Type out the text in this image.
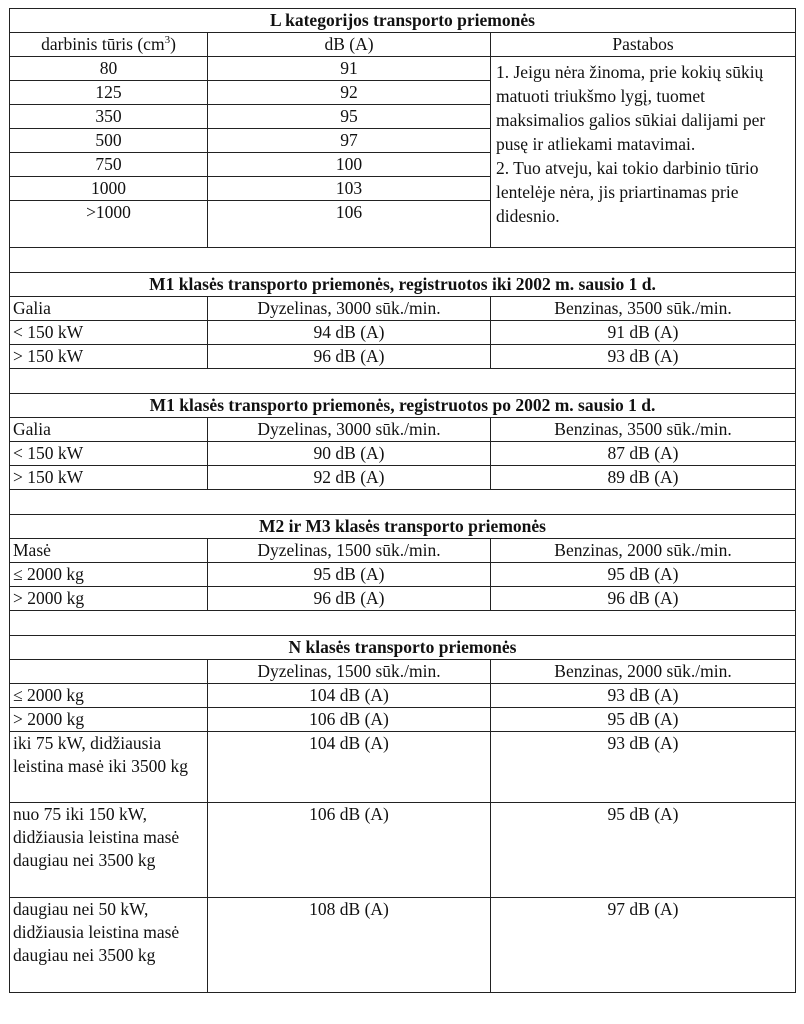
L kategorijos transporto priemonės		
darbinis tūris $(cm^3)$	dB (A)	Pastabos
80	91	1. Jeigu nėra žinoma, prie kokių sūkių matuoti triukšmo lygį, tuomet maksimalios galios sūkiai dalijami per pusę ir atliekami matavimai.
2. Tuo atveju, kai tokio darbinio tūrio lentelėje nėra, jis priartinamas prie didesnio.

125	92	
350	95	
500	97	
750	100	
1000	103	
>1000	106	

M1 klasės transporto priemonės, registruotos iki 2002 m. sausio 1 d.		
Galia	Dyzelinas, 3000 sūk./min.	Benzinas, 3500 sūk./min.
< 150 kW	94 dB (A)	91 dB (A)
> 150 kW	96 dB (A)	93 dB (A)

M1 klasės transporto priemonės, registruotos po 2002 m. sausio 1 d.		
Galia	Dyzelinas, 3000 sūk./min.	Benzinas, 3500 sūk./min.
< 150 kW	90 dB (A)	87 dB (A)
> 150 kW	92 dB (A)	89 dB (A)

M2 ir M3 klasės transporto priemonės		
Masė	Dyzelinas, 1500 sūk./min.	Benzinas, 2000 sūk./min.
≤ 2000 kg	95 dB (A)	95 dB (A)
> 2000 kg	96 dB (A)	96 dB (A)

N klasės transporto priemonės		
	Dyzelinas, 1500 sūk./min.	Benzinas, 2000 sūk./min.
≤ 2000 kg	104 dB (A)	93 dB (A)
> 2000 kg	106 dB (A)	95 dB (A)
iki 75 kW, didžiausia leistina masė iki 3500 kg	104 dB (A)	93 dB (A)
nuo 75 iki 150 kW, didžiausia leistina masė daugiau nei 3500 kg	106 dB (A)	95 dB (A)
daugiau nei 50 kW, didžiausia leistina masė daugiau nei 3500 kg	108 dB (A)	97 dB (A)
